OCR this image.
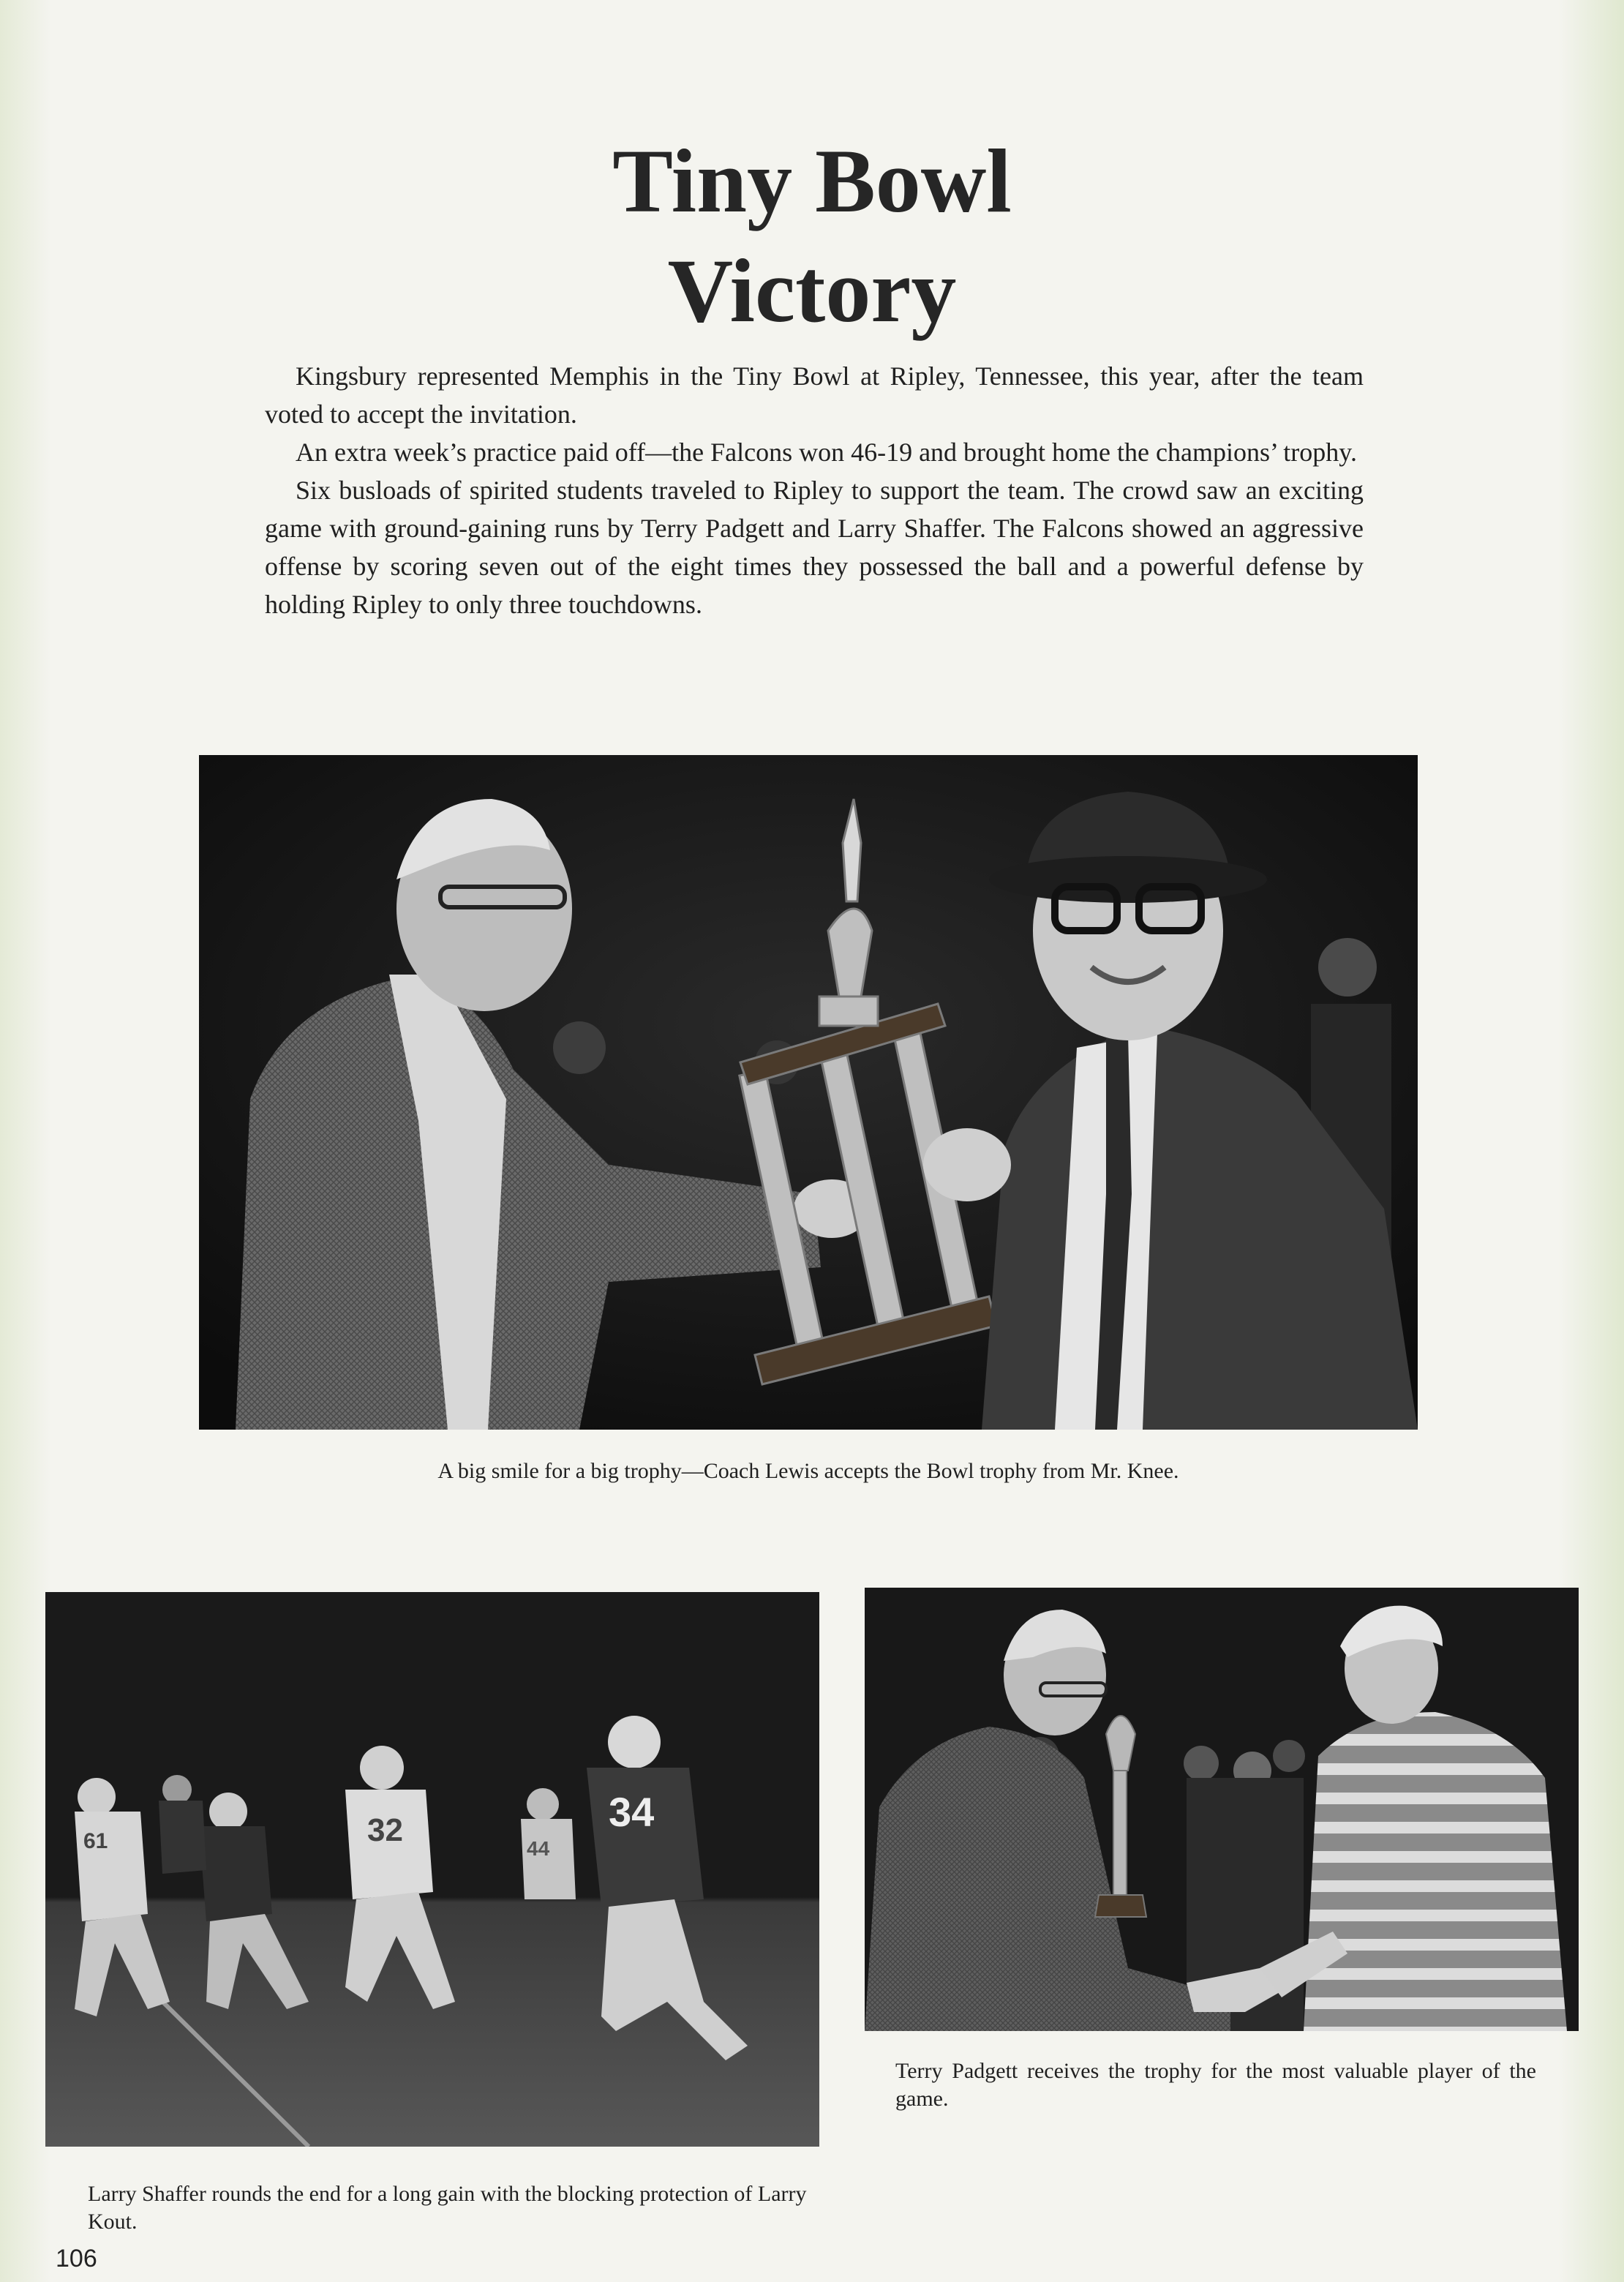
Tiny Bowl
Victory

Kingsbury represented Memphis in the Tiny Bowl at Ripley, Tennessee, this year, after the team voted to accept the invitation.

An extra week’s practice paid off—the Falcons won 46-19 and brought home the champions’ trophy.

Six busloads of spirited students traveled to Ripley to support the team. The crowd saw an exciting game with ground-gaining runs by Terry Padgett and Larry Shaffer. The Falcons showed an aggressive offense by scoring seven out of the eight times they possessed the ball and a powerful defense by holding Ripley to only three touchdowns.

A big smile for a big trophy—Coach Lewis accepts the Bowl trophy from Mr. Knee.
34
32
44
61
Larry Shaffer rounds the end for a long gain with the blocking protection of Larry Kout.
Terry Padgett receives the trophy for the most valuable player of the game.
106
